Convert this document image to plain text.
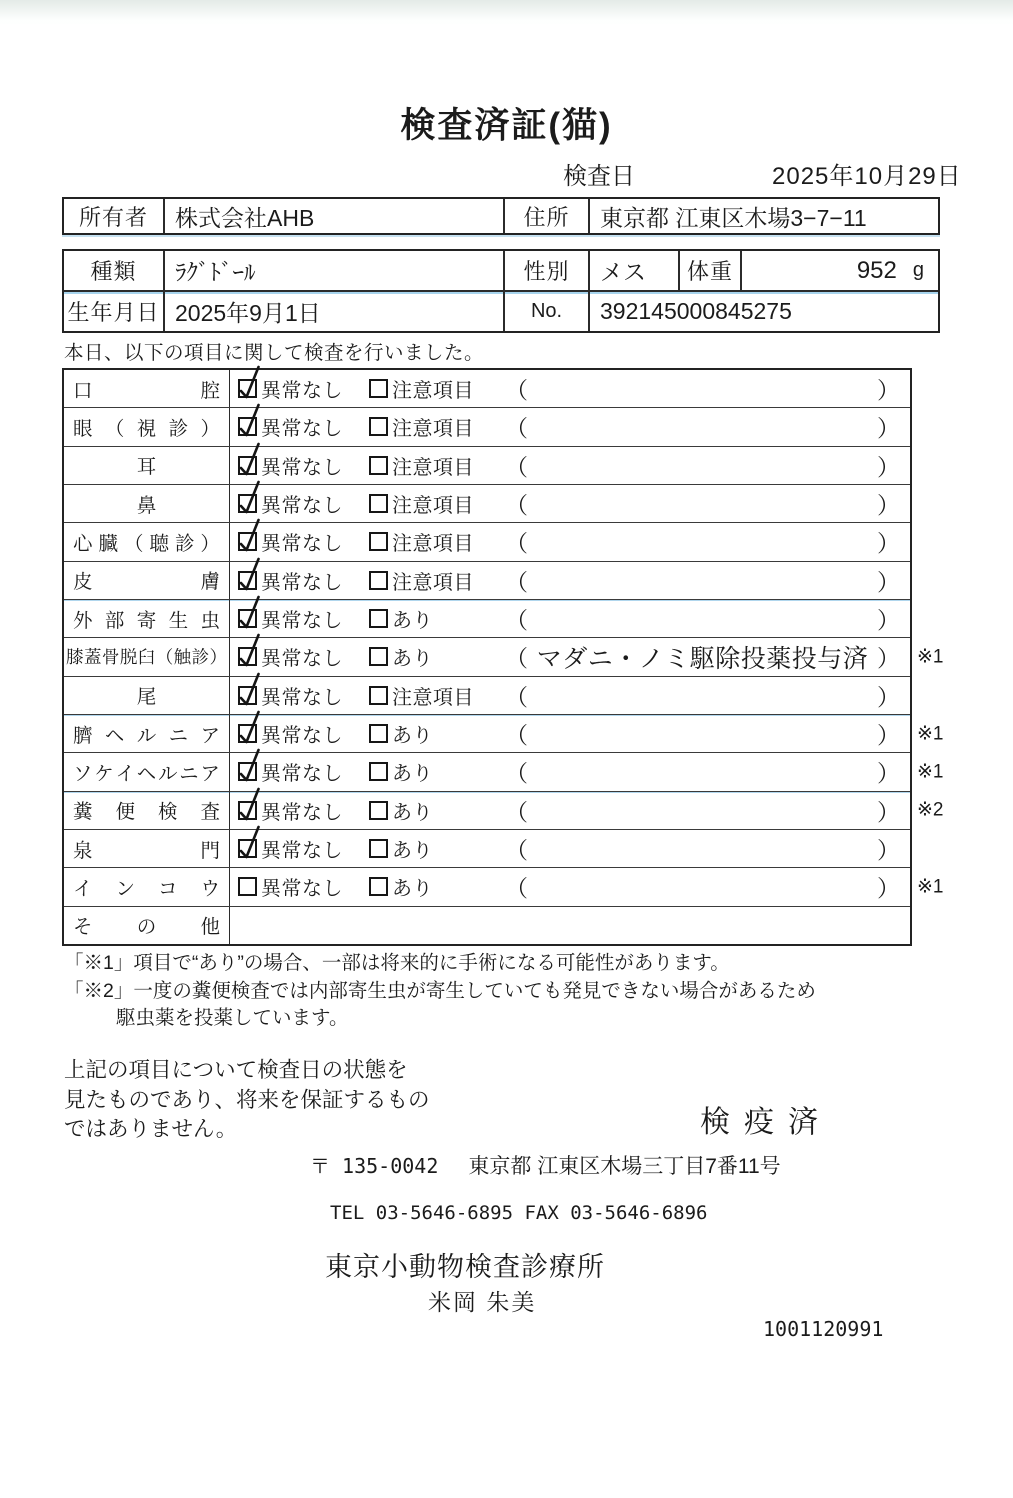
検査済証(猫)
検査日	2025年10月29日
所有者	株式会社AHB	住所	東京都 江東区木場3−7−11
種類	ﾗｸﾞﾄﾞｰﾙ	性別	メス	体重	952 g
生年月日 2025年9月1日	No.	392145000845275
本日、以下の項目に関して検査を行いました。
口	腔 異常なし 注意項目 （	）
眼 （ 視 診 ） 異常なし 注意項目 （	）
耳	異常なし 注意項目 （	）
鼻	異常なし 注意項目 （	）
心 臓 （ 聴 診 ） 異常なし 注意項目 （	）
皮	膚 異常なし 注意項目 （	）
外 部 寄 生 虫 異常なし あり	（	）
膝 蓋 骨 脱 臼 （ 触 診 ） 異常なし あり	（ マダニ・ノミ駆除投薬投与済 ） ※1
尾	異常なし 注意項目 （	）
臍 ヘ ル ニ ア 異常なし あり	（	） ※1
ソ ケ イ ヘ ル ニ ア 異常なし あり	（	） ※1
糞 便 検 査 異常なし あり	（	） ※2
泉	門 異常なし あり	（	）
イ ン コ ウ 異常なし あり	（	） ※1
そ の 他
「※1」項目で“あり”の場合、一部は将来的に手術になる可能性があります。
「※2」一度の糞便検査では内部寄生虫が寄生していても発見できない場合があるため
駆虫薬を投薬しています。
上記の項目について検査日の状態を
見たものであり、将来を保証するもの
ではありません。	検疫済
〒 135-0042 東京都 江東区木場三丁目7番11号
TEL 03-5646-6895 FAX 03-5646-6896
東京小動物検査診療所
米岡 朱美
1001120991
